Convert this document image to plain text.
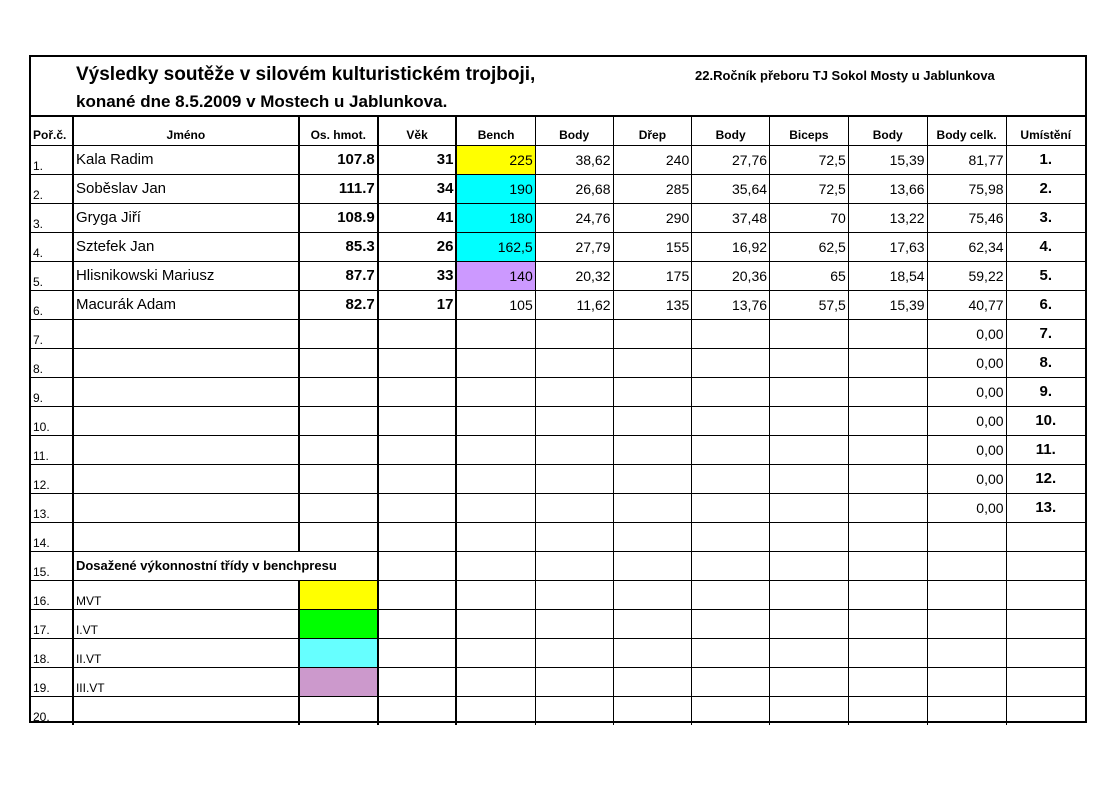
Výsledky soutěže v silovém kulturistickém trojboji,
konané dne 8.5.2009 v Mostech u Jablunkova.
22.Ročník přeboru TJ Sokol Mosty u Jablunkova
Poř.č.	Jméno	Os. hmot.	Věk	Bench	Body	Dřep	Body	Biceps	Body	Body celk.	Umístění
1.	Kala Radim	107.8	31	225	38,62	240	27,76	72,5	15,39	81,77	1.
2.	Soběslav Jan	111.7	34	190	26,68	285	35,64	72,5	13,66	75,98	2.
3.	Gryga Jiří	108.9	41	180	24,76	290	37,48	70	13,22	75,46	3.
4.	Sztefek Jan	85.3	26	162,5	27,79	155	16,92	62,5	17,63	62,34	4.
5.	Hlisnikowski Mariusz	87.7	33	140	20,32	175	20,36	65	18,54	59,22	5.
6.	Macurák Adam	82.7	17	105	11,62	135	13,76	57,5	15,39	40,77	6.
7.										0,00	7.
8.										0,00	8.
9.										0,00	9.
10.										0,00	10.
11.										0,00	11.
12.										0,00	12.
13.										0,00	13.
14.											
15.	Dosažené výkonnostní třídy v benchpresu										
16.	MVT										
17.	I.VT										
18.	II.VT										
19.	III.VT										
20.											
